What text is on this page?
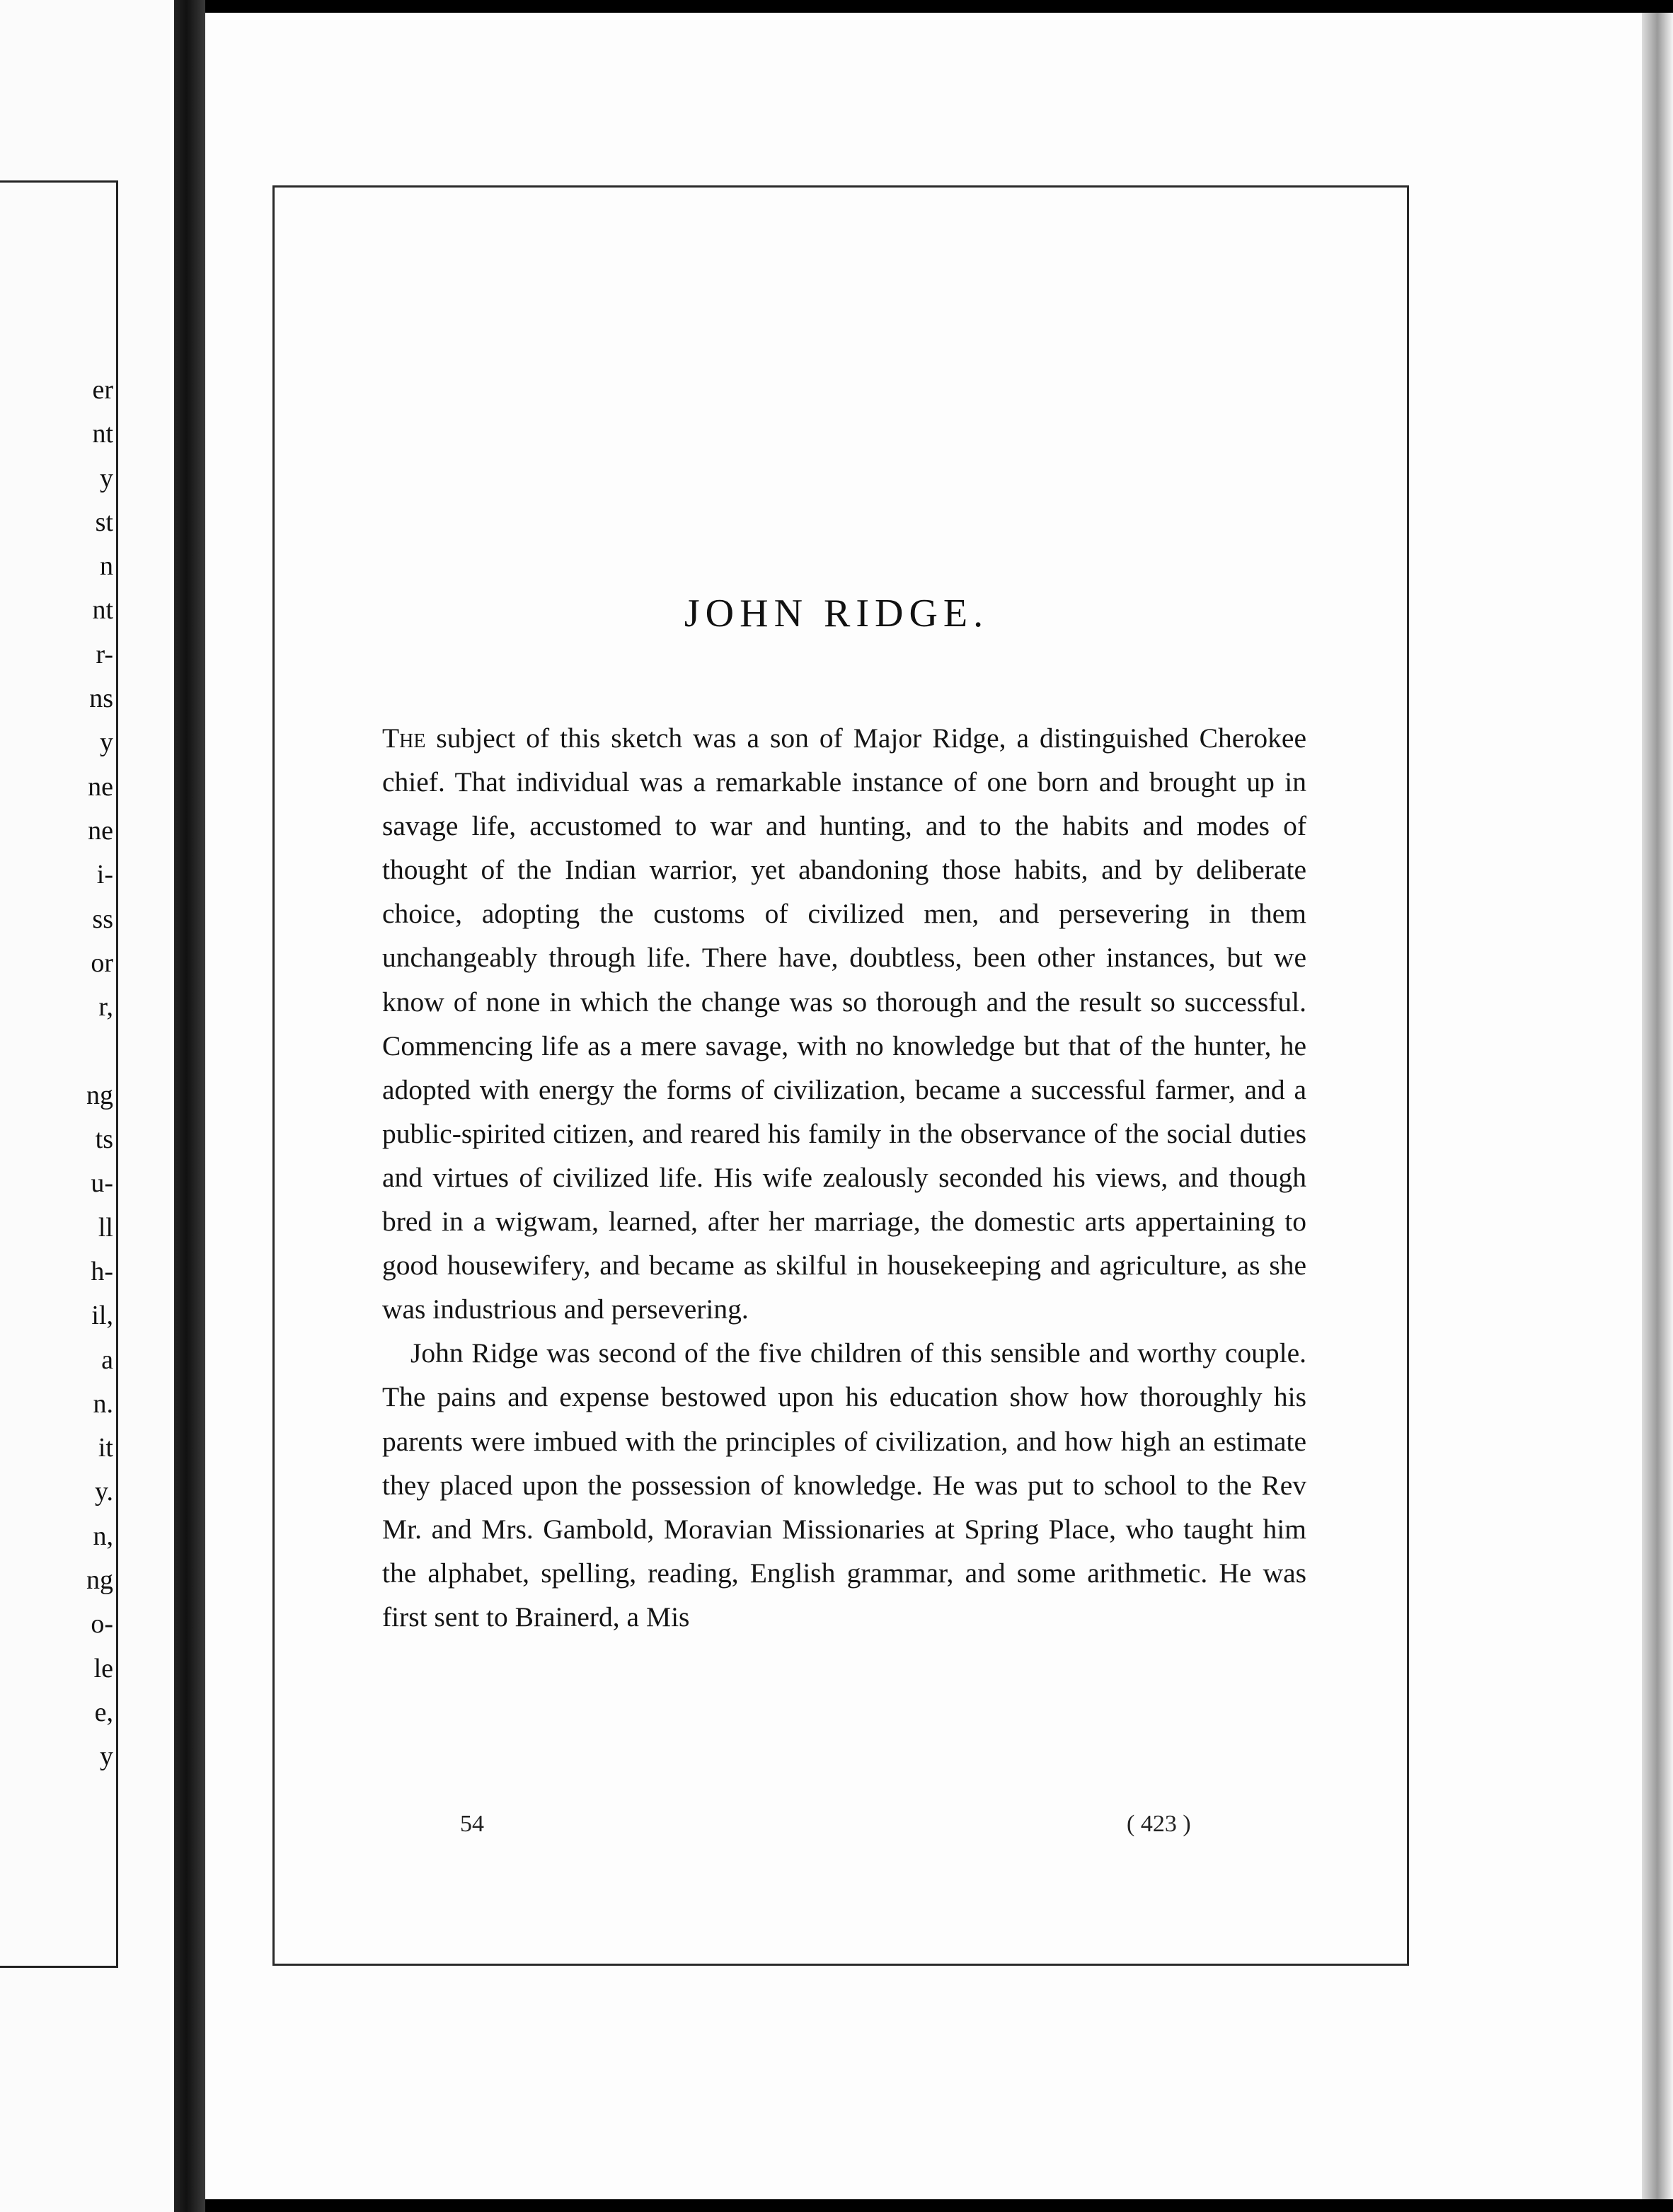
er
nt
y
st
n
nt
r-
ns
y
ne
ne
i-
ss
or
r,
ng
ts
u-
ll
h-
il,
a
n.
it
y.
n,
ng
o-
le
e,
y
JOHN RIDGE.

The subject of this sketch was a son of Major Ridge, a distinguished Cherokee chief. That individual was a remarkable instance of one born and brought up in savage life, accustomed to war and hunting, and to the habits and modes of thought of the Indian warrior, yet abandoning those habits, and by deliberate choice, adopting the customs of civilized men, and persevering in them unchangeably through life. There have, doubtless, been other instances, but we know of none in which the change was so thorough and the result so successful. Commencing life as a mere savage, with no knowledge but that of the hunter, he adopted with energy the forms of civilization, became a successful farmer, and a public-spirited citizen, and reared his family in the observance of the social duties and virtues of civilized life. His wife zealously seconded his views, and though bred in a wigwam, learned, after her marriage, the domestic arts appertaining to good housewifery, and became as skilful in housekeeping and agriculture, as she was industrious and persevering.

John Ridge was second of the five children of this sensible and worthy couple. The pains and expense bestowed upon his education show how thoroughly his parents were imbued with the principles of civilization, and how high an estimate they placed upon the possession of knowledge. He was put to school to the Rev Mr. and Mrs. Gambold, Moravian Missionaries at Spring Place, who taught him the alphabet, spelling, reading, English grammar, and some arithmetic. He was first sent to Brainerd, a Mis

54	( 423 )
